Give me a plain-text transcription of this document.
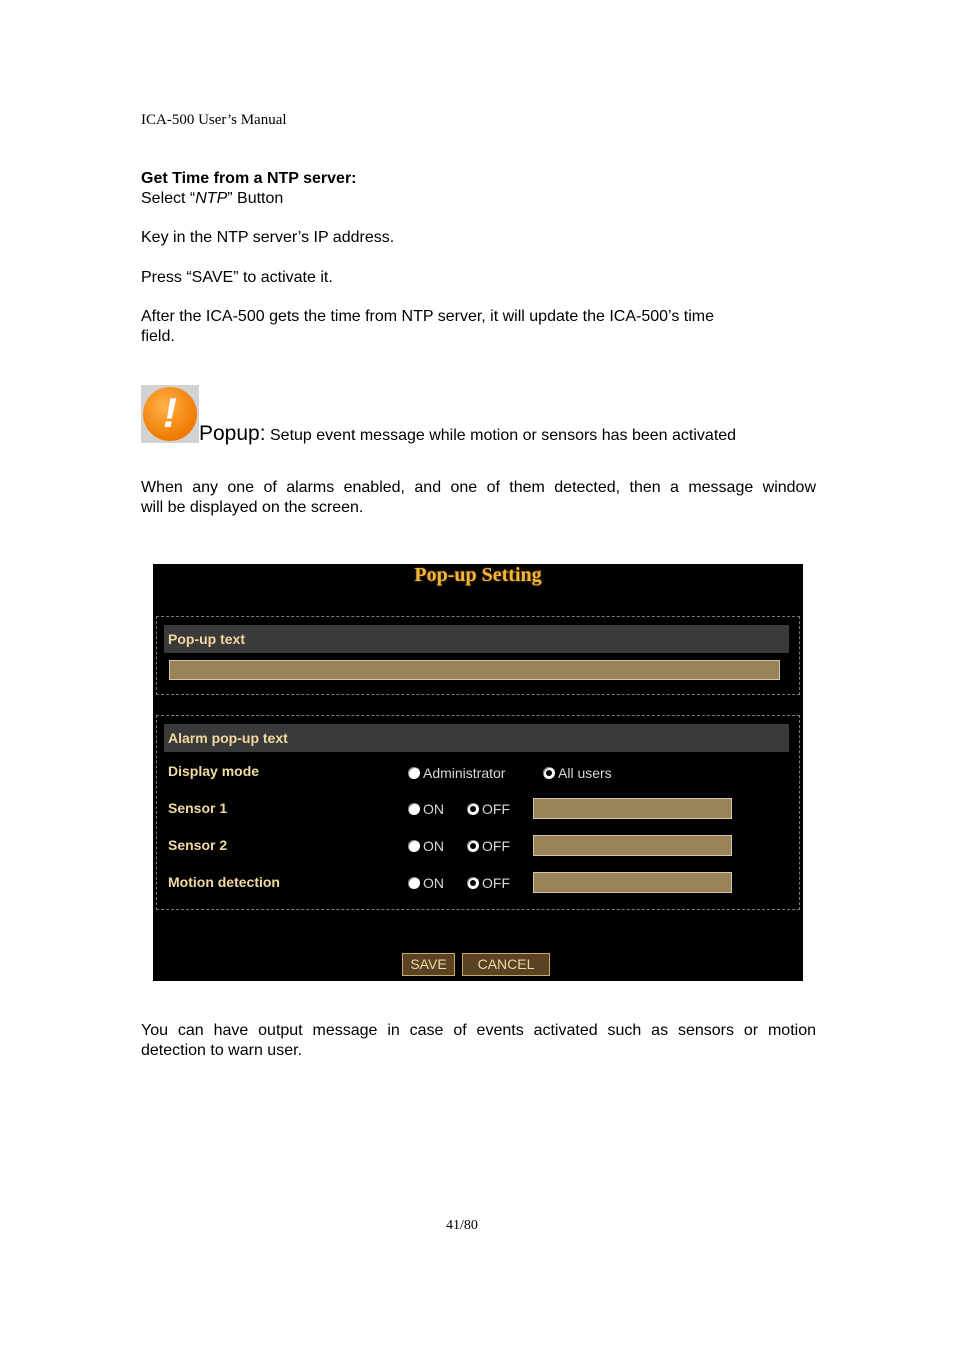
ICA-500 User’s Manual
Get Time from a NTP server:
Select “NTP” Button
Key in the NTP server’s IP address.
Press “SAVE” to activate it.
After the ICA-500 gets the time from NTP server, it will update the ICA-500’s time
field.
!	Popup: Setup event message while motion or sensors has been activated
When any one of alarms enabled, and one of them detected, then a message window
will be displayed on the screen.
Pop-up Setting
Pop-up text
Alarm pop-up text
Display mode	Administrator	All users
Sensor 1	ON	OFF
Sensor 2	ON	OFF
Motion detection	ON	OFF
SAVE	CANCEL
You can have output message in case of events activated such as sensors or motion
detection to warn user.
41/80
